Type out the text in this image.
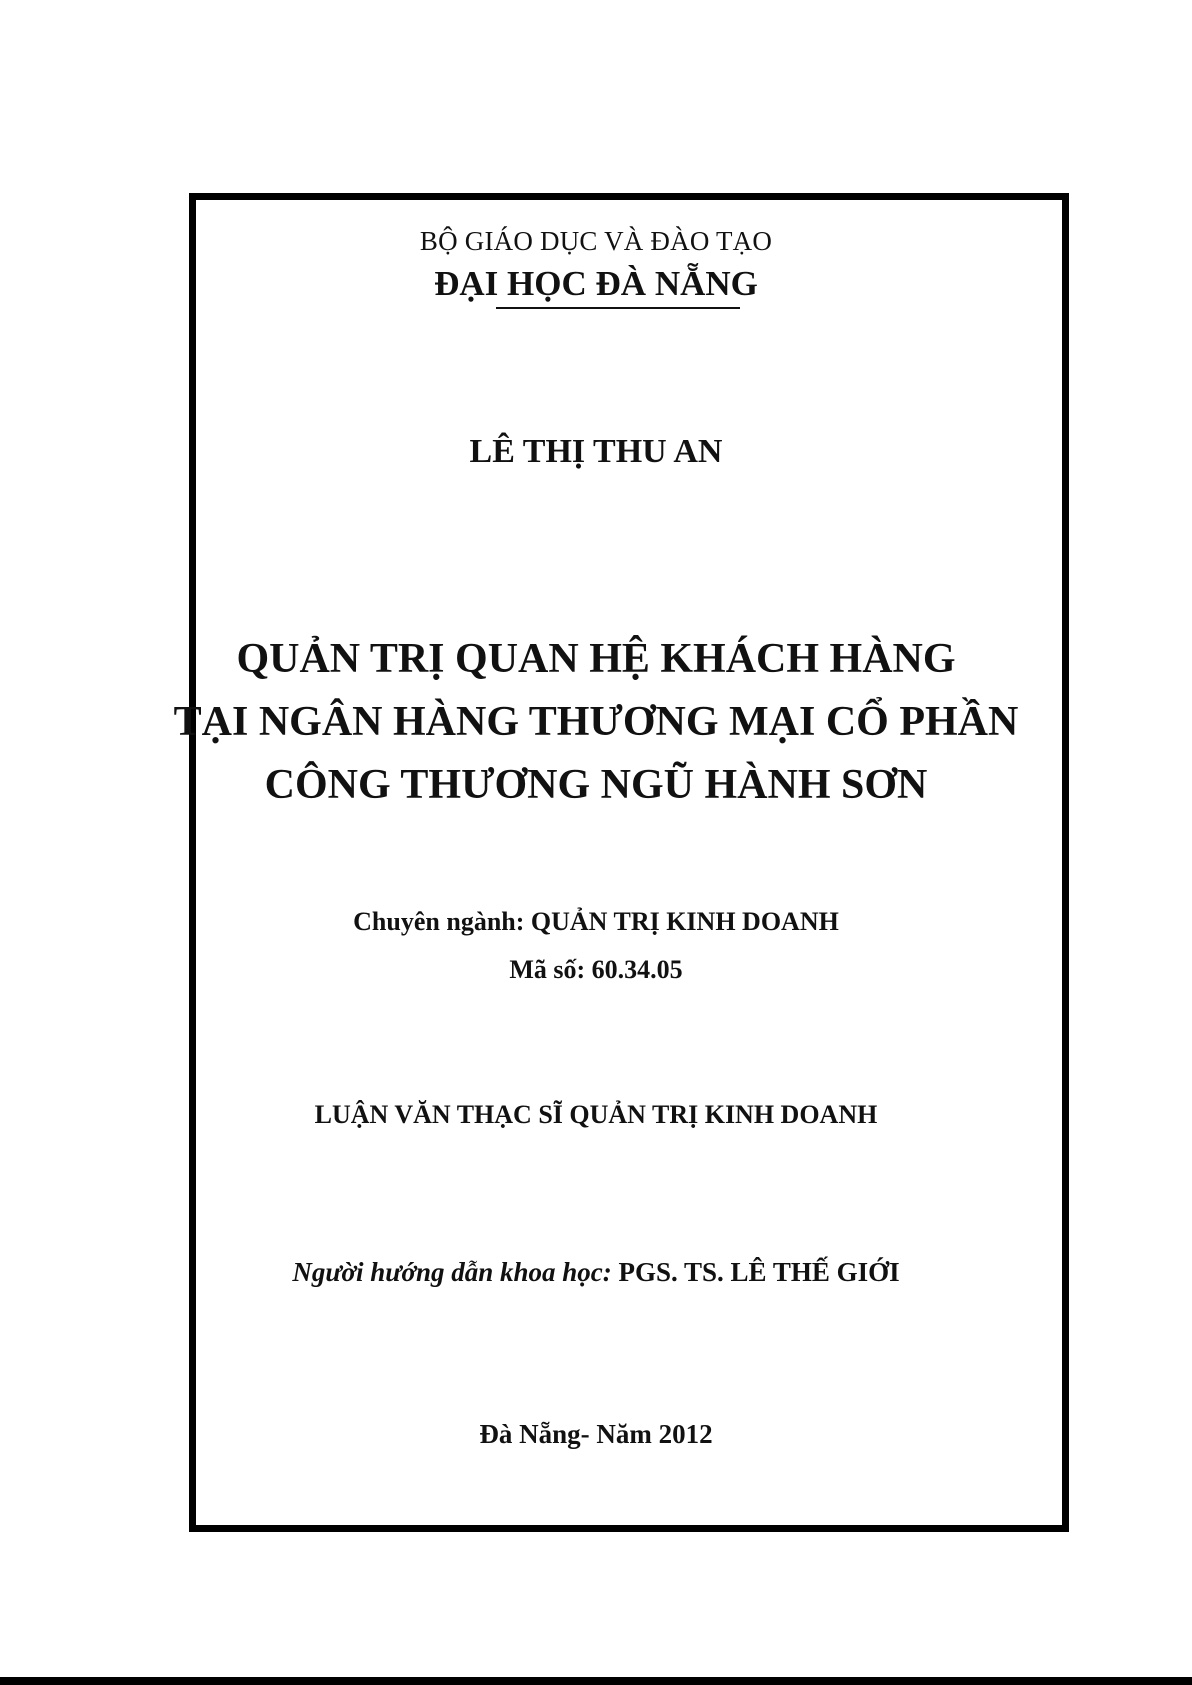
BỘ GIÁO DỤC VÀ ĐÀO TẠO
ĐẠI HỌC ĐÀ NẴNG
LÊ THỊ THU AN
QUẢN TRỊ QUAN HỆ KHÁCH HÀNG
TẠI NGÂN HÀNG THƯƠNG MẠI CỔ PHẦN
CÔNG THƯƠNG NGŨ HÀNH SƠN
Chuyên ngành: QUẢN TRỊ KINH DOANH
Mã số: 60.34.05
LUẬN VĂN THẠC SĨ QUẢN TRỊ KINH DOANH
Người hướng dẫn khoa học: PGS. TS. LÊ THẾ GIỚI
Đà Nẵng- Năm 2012
